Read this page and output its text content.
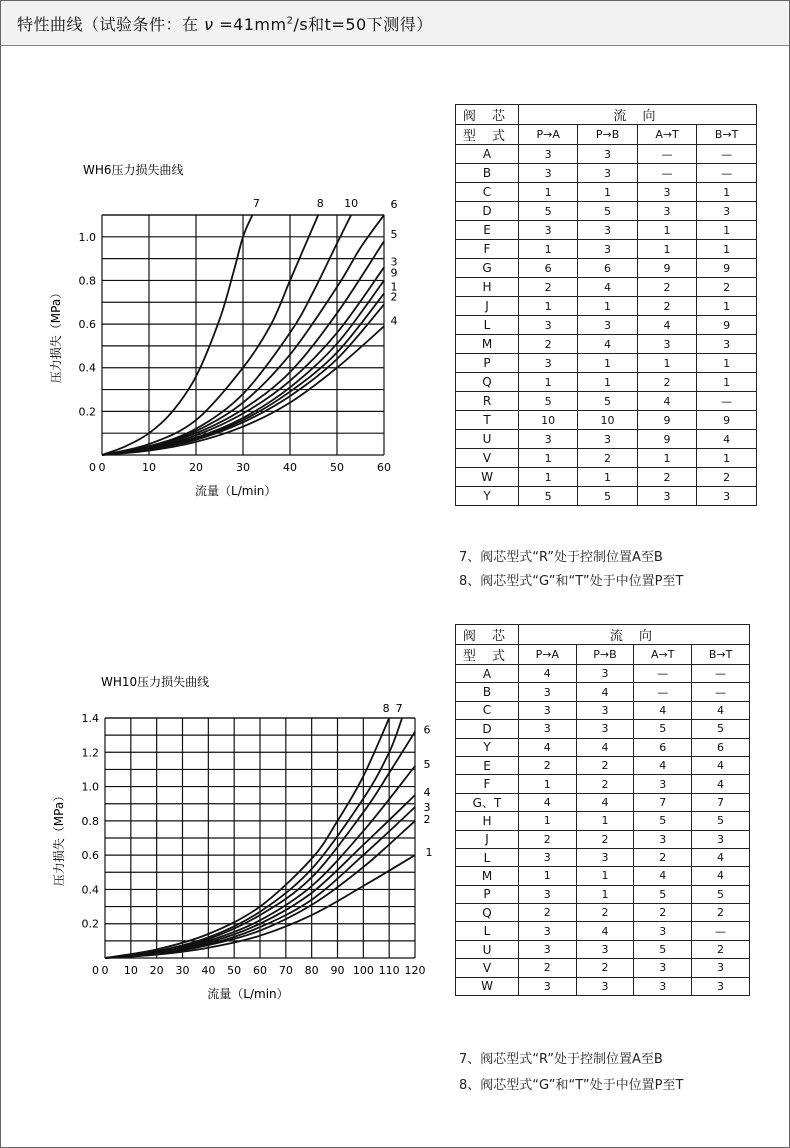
特性曲线（试验条件：在 $\nu =41mm^2/s$和t=50下测得）
WH6压力损失曲线
0	10	20	30	40	50	60
0
0.2
0.4
0.6
0.8
1.0
流量（L/min）
压力损失（MPa）
7	8 10	6
5
3
9
1
2
4
WH10压力损失曲线
0 10 20 30 40 50 60 70 80 90 100 110 120
0
0.2
0.4
0.6
0.8
1.0
1.2
1.4
流量（L/min）
压力损失（MPa）
8 7
6
5
4
3
2
1
阀 芯	流 向			
型 式	P→A	P→B	A→T	B→T
A	3	3	—	—
B	3	3	—	—
C	1	1	3	1
D	5	5	3	3
E	3	3	1	1
F	1	3	1	1
G	6	6	9	9
H	2	4	2	2
J	1	1	2	1
L	3	3	4	9
M	2	4	3	3
P	3	1	1	1
Q	1	1	2	1
R	5	5	4	—
T	10	10	9	9
U	3	3	9	4
V	1	2	1	1
W	1	1	2	2
Y	5	5	3	3
7、阀芯型式“R”处于控制位置A至B
8、阀芯型式“G”和“T”处于中位置P至T
阀 芯	流 向			
型 式	P→A	P→B	A→T	B→T
A	4	3	—	—
B	3	4	—	—
C	3	3	4	4
D	3	3	5	5
Y	4	4	6	6
E	2	2	4	4
F	1	2	3	4
G、T	4	4	7	7
H	1	1	5	5
J	2	2	3	3
L	3	3	2	4
M	1	1	4	4
P	3	1	5	5
Q	2	2	2	2
L	3	4	3	—
U	3	3	5	2
V	2	2	3	3
W	3	3	3	3
7、阀芯型式“R”处于控制位置A至B
8、阀芯型式“G”和“T”处于中位置P至T
